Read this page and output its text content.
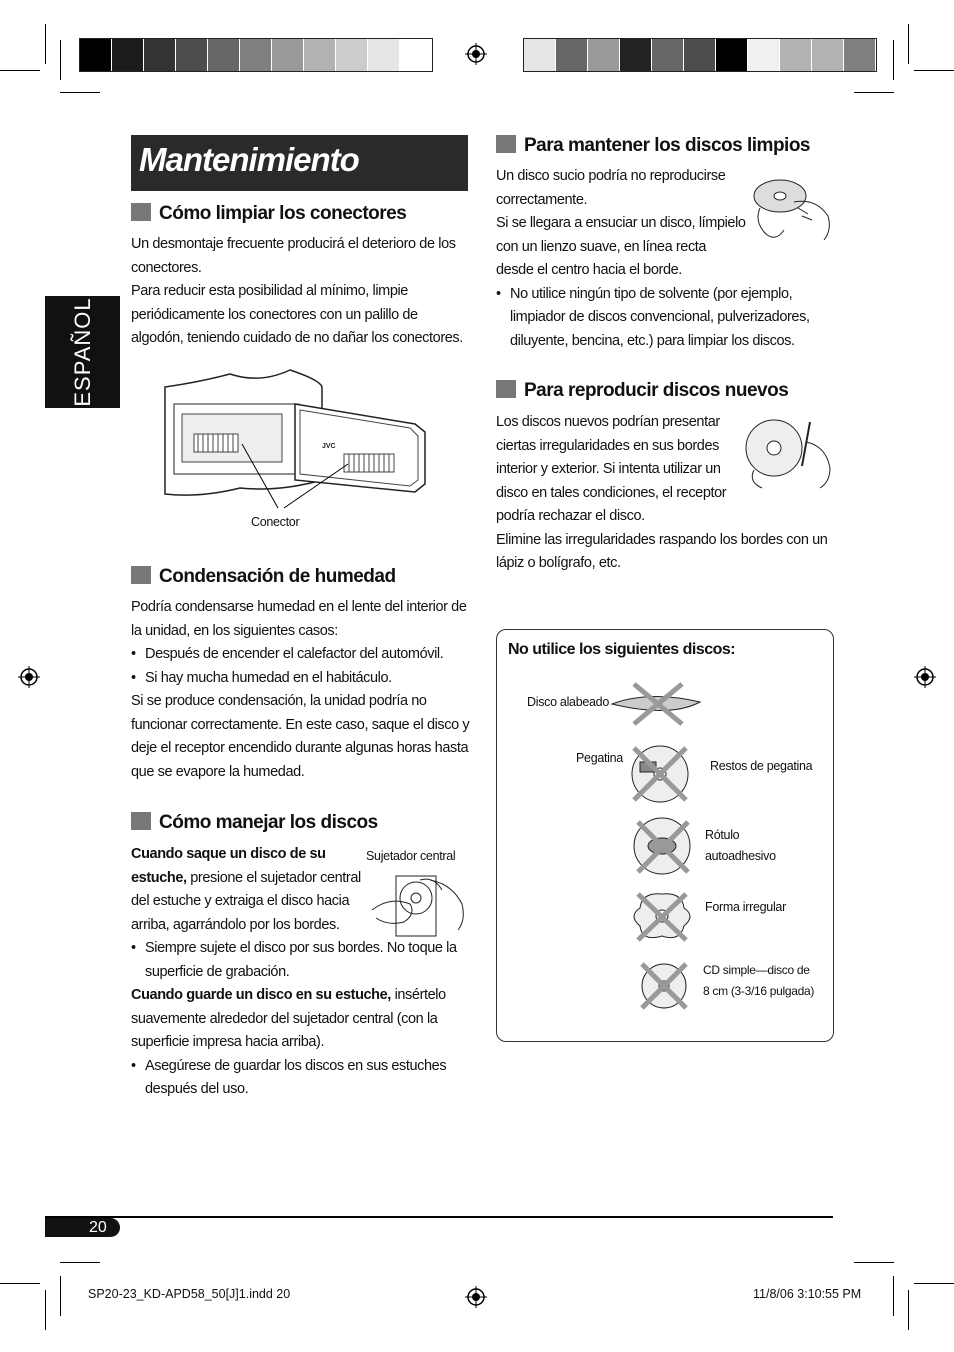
ESPAÑOL
Mantenimiento
Cómo limpiar los conectores

Un desmontaje frecuente producirá el deterioro de los conectores.

Para reducir esta posibilidad al mínimo, limpie periódicamente los conectores con un palillo de algodón, teniendo cuidado de no dañar los conectores.

JVC
Conector
Condensación de humedad

Podría condensarse humedad en el lente del interior de la unidad, en los siguientes casos:

• Después de encender el calefactor del automóvil.

• Si hay mucha humedad en el habitáculo.

Si se produce condensación, la unidad podría no funcionar correctamente. En este caso, saque el disco y deje el receptor encendido durante algunas horas hasta que se evapore la humedad.

Cómo manejar los discos
Sujetador central
Cuando saque un disco de su estuche, presione el sujetador central del estuche y extraiga el disco hacia arriba, agarrándolo por los bordes.

• Siempre sujete el disco por sus bordes. No toque la superficie de grabación.

Cuando guarde un disco en su estuche, insértelo suavemente alrededor del sujetador central (con la superficie impresa hacia arriba).

• Asegúrese de guardar los discos en sus estuches después del uso.

Para mantener los discos limpios

Un disco sucio podría no reproducirse correctamente.

Si se llegara a ensuciar un disco, límpielo con un lienzo suave, en línea recta desde el centro hacia el borde.

• No utilice ningún tipo de solvente (por ejemplo, limpiador de discos convencional, pulverizadores, diluyente, bencina, etc.) para limpiar los discos.

Para reproducir discos nuevos

Los discos nuevos podrían presentar ciertas irregularidades en sus bordes interior y exterior. Si intenta utilizar un disco en tales condiciones, el receptor podría rechazar el disco.

Elimine las irregularidades raspando los bordes con un lápiz o bolígrafo, etc.

No utilice los siguientes discos:
Disco alabeado
Pegatina
Restos de pegatina
Rótulo
autoadhesivo
Forma irregular
CD simple—disco de
8 cm (3-3/16 pulgada)
20
SP20-23_KD-APD58_50[J]1.indd 20	11/8/06 3:10:55 PM
